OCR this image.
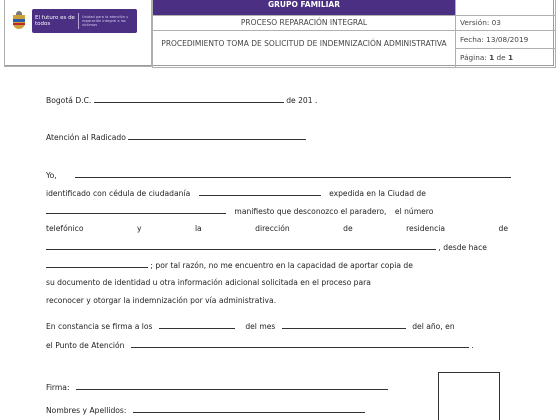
El futuro es de todos
Unidad para la atención y reparación integral a las víctimas
GRUPO FAMILIAR
PROCESO REPARACIÓN INTEGRAL
PROCEDIMIENTO TOMA DE SOLICITUD DE INDEMNIZACIÓN ADMINISTRATIVA
Versión: 03
Fecha: 13/08/2019
Página: 1 de 1
Bogotá D.C.	de 201 .
Atención al Radicado
Yo,
identificado con cédula de ciudadanía	expedida en la Ciudad de
manifiesto que desconozco el paradero, el número
telefónico	y	la	dirección	de	residencia	de
, desde hace
; por tal razón, no me encuentro en la capacidad de aportar copia de
su documento de identidad u otra información adicional solicitada en el proceso para
reconocer y otorgar la indemnización por vía administrativa.
En constancia se firma a los	del mes	del año, en
el Punto de Atención	.
Firma:
Nombres y Apellidos:
